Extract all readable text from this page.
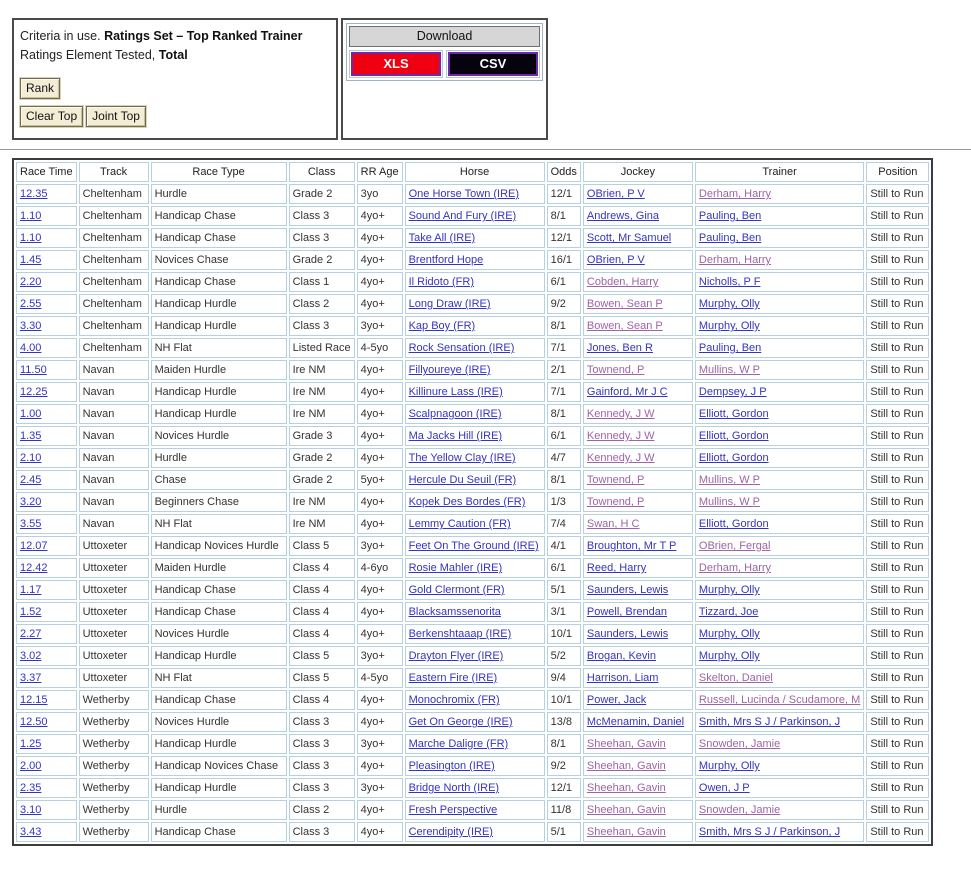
Criteria in use. Ratings Set – Top Ranked Trainer
Ratings Element Tested, Total
Rank
Clear Top	Joint Top
Download
XLS	CSV
Race Time	Track	Race Type	Class	RR Age	Horse	Odds	Jockey	Trainer	Position
12.35	Cheltenham	Hurdle	Grade 2	3yo	One Horse Town (IRE)	12/1	OBrien, P V	Derham, Harry	Still to Run
1.10	Cheltenham	Handicap Chase	Class 3	4yo+	Sound And Fury (IRE)	8/1	Andrews, Gina	Pauling, Ben	Still to Run
1.10	Cheltenham	Handicap Chase	Class 3	4yo+	Take All (IRE)	12/1	Scott, Mr Samuel	Pauling, Ben	Still to Run
1.45	Cheltenham	Novices Chase	Grade 2	4yo+	Brentford Hope	16/1	OBrien, P V	Derham, Harry	Still to Run
2.20	Cheltenham	Handicap Chase	Class 1	4yo+	Il Ridoto (FR)	6/1	Cobden, Harry	Nicholls, P F	Still to Run
2.55	Cheltenham	Handicap Hurdle	Class 2	4yo+	Long Draw (IRE)	9/2	Bowen, Sean P	Murphy, Olly	Still to Run
3.30	Cheltenham	Handicap Hurdle	Class 3	3yo+	Kap Boy (FR)	8/1	Bowen, Sean P	Murphy, Olly	Still to Run
4.00	Cheltenham	NH Flat	Listed Race	4-5yo	Rock Sensation (IRE)	7/1	Jones, Ben R	Pauling, Ben	Still to Run
11.50	Navan	Maiden Hurdle	Ire NM	4yo+	Fillyoureye (IRE)	2/1	Townend, P	Mullins, W P	Still to Run
12.25	Navan	Handicap Hurdle	Ire NM	4yo+	Killinure Lass (IRE)	7/1	Gainford, Mr J C	Dempsey, J P	Still to Run
1.00	Navan	Handicap Hurdle	Ire NM	4yo+	Scalpnagoon (IRE)	8/1	Kennedy, J W	Elliott, Gordon	Still to Run
1.35	Navan	Novices Hurdle	Grade 3	4yo+	Ma Jacks Hill (IRE)	6/1	Kennedy, J W	Elliott, Gordon	Still to Run
2.10	Navan	Hurdle	Grade 2	4yo+	The Yellow Clay (IRE)	4/7	Kennedy, J W	Elliott, Gordon	Still to Run
2.45	Navan	Chase	Grade 2	5yo+	Hercule Du Seuil (FR)	8/1	Townend, P	Mullins, W P	Still to Run
3.20	Navan	Beginners Chase	Ire NM	4yo+	Kopek Des Bordes (FR)	1/3	Townend, P	Mullins, W P	Still to Run
3.55	Navan	NH Flat	Ire NM	4yo+	Lemmy Caution (FR)	7/4	Swan, H C	Elliott, Gordon	Still to Run
12.07	Uttoxeter	Handicap Novices Hurdle	Class 5	3yo+	Feet On The Ground (IRE)	4/1	Broughton, Mr T P	OBrien, Fergal	Still to Run
12.42	Uttoxeter	Maiden Hurdle	Class 4	4-6yo	Rosie Mahler (IRE)	6/1	Reed, Harry	Derham, Harry	Still to Run
1.17	Uttoxeter	Handicap Chase	Class 4	4yo+	Gold Clermont (FR)	5/1	Saunders, Lewis	Murphy, Olly	Still to Run
1.52	Uttoxeter	Handicap Chase	Class 4	4yo+	Blacksamssenorita	3/1	Powell, Brendan	Tizzard, Joe	Still to Run
2.27	Uttoxeter	Novices Hurdle	Class 4	4yo+	Berkenshtaaap (IRE)	10/1	Saunders, Lewis	Murphy, Olly	Still to Run
3.02	Uttoxeter	Handicap Hurdle	Class 5	3yo+	Drayton Flyer (IRE)	5/2	Brogan, Kevin	Murphy, Olly	Still to Run
3.37	Uttoxeter	NH Flat	Class 5	4-5yo	Eastern Fire (IRE)	9/4	Harrison, Liam	Skelton, Daniel	Still to Run
12.15	Wetherby	Handicap Chase	Class 4	4yo+	Monochromix (FR)	10/1	Power, Jack	Russell, Lucinda / Scudamore, M	Still to Run
12.50	Wetherby	Novices Hurdle	Class 3	4yo+	Get On George (IRE)	13/8	McMenamin, Daniel	Smith, Mrs S J / Parkinson, J	Still to Run
1.25	Wetherby	Handicap Hurdle	Class 3	3yo+	Marche Daligre (FR)	8/1	Sheehan, Gavin	Snowden, Jamie	Still to Run
2.00	Wetherby	Handicap Novices Chase	Class 3	4yo+	Pleasington (IRE)	9/2	Sheehan, Gavin	Murphy, Olly	Still to Run
2.35	Wetherby	Handicap Hurdle	Class 3	3yo+	Bridge North (IRE)	12/1	Sheehan, Gavin	Owen, J P	Still to Run
3.10	Wetherby	Hurdle	Class 2	4yo+	Fresh Perspective	11/8	Sheehan, Gavin	Snowden, Jamie	Still to Run
3.43	Wetherby	Handicap Chase	Class 3	4yo+	Cerendipity (IRE)	5/1	Sheehan, Gavin	Smith, Mrs S J / Parkinson, J	Still to Run
